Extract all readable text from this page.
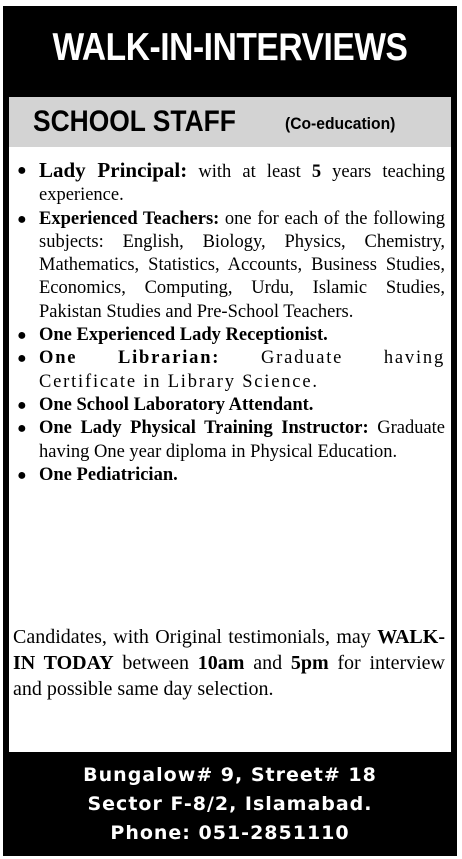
WALK-IN-INTERVIEWS
SCHOOL STAFF	(Co-education)
● Lady Principal: with at least 5 years teaching experience.
● Experienced Teachers: one for each of the following subjects: English, Biology, Physics, Chemistry, Mathematics, Statistics, Accounts, Business Studies, Economics, Computing, Urdu, Islamic Studies, Pakistan Studies and Pre-School Teachers.
● One Experienced Lady Receptionist.
● One Librarian: Graduate having Certificate in Library Science.
● One School Laboratory Attendant.
● One Lady Physical Training Instructor: Graduate having One year diploma in Physical Education.
● One Pediatrician.
Candidates, with Original testimonials, may WALK-IN TODAY between 10am and 5pm for interview and possible same day selection.
Bungalow# 9, Street# 18
Sector F-8/2, Islamabad.
Phone: 051-2851110
